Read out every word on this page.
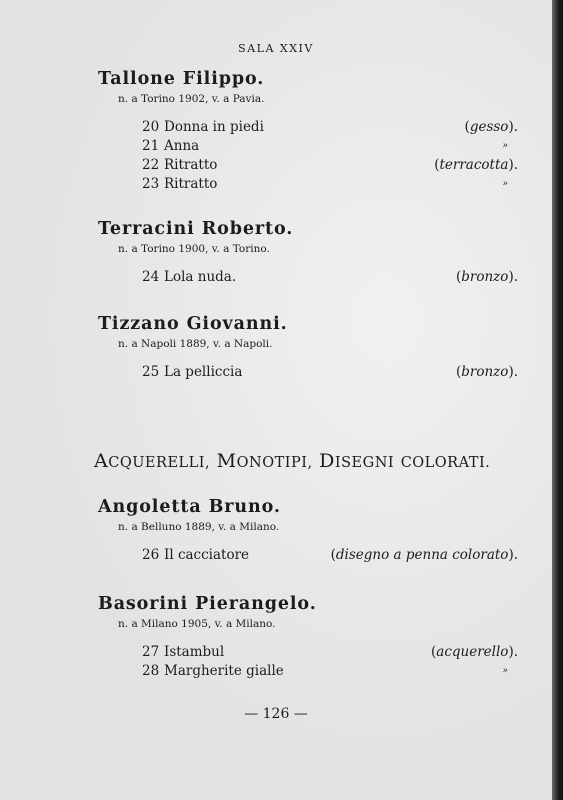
SALA XXIV
Tallone Filippo.
n. a Torino 1902, v. a Pavia.
20 Donna in piedi	(gesso).
21 Anna	»
22 Ritratto	(terracotta).
23 Ritratto	»
Terracini Roberto.
n. a Torino 1900, v. a Torino.
24 Lola nuda.	(bronzo).
Tizzano Giovanni.
n. a Napoli 1889, v. a Napoli.
25 La pelliccia	(bronzo).
ACQUERELLI, MONOTIPI, DISEGNI COLORATI.
Angoletta Bruno.
n. a Belluno 1889, v. a Milano.
26 Il cacciatore	(disegno a penna colorato).
Basorini Pierangelo.
n. a Milano 1905, v. a Milano.
27 Istambul	(acquerello).
28 Margherite gialle	»
— 126 —
